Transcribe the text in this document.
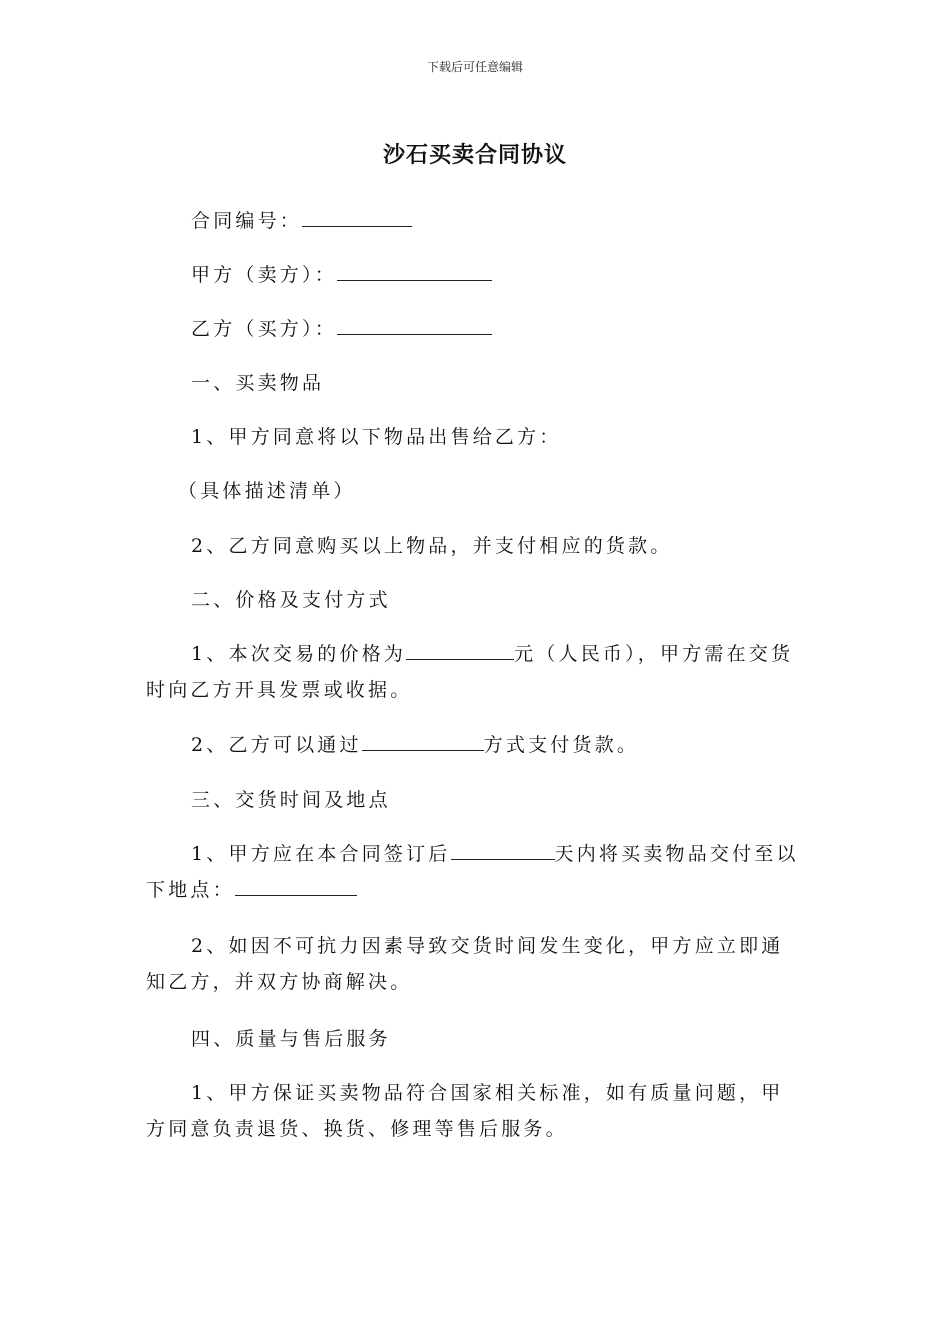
下载后可任意编辑
沙石买卖合同协议
合同编号：
甲方（卖方）：
乙方（买方）：
一、买卖物品
1、甲方同意将以下物品出售给乙方：
（具体描述清单）
2、乙方同意购买以上物品，并支付相应的货款。
二、价格及支付方式
1、本次交易的价格为	元（人民币），甲方需在交货时向乙方开具发票或收据。
2、乙方可以通过	方式支付货款。
三、交货时间及地点
1、甲方应在本合同签订后	天内将买卖物品交付至以下地点：
2、如因不可抗力因素导致交货时间发生变化，甲方应立即通知乙方，并双方协商解决。
四、质量与售后服务
1、甲方保证买卖物品符合国家相关标准，如有质量问题，甲方同意负责退货、换货、修理等售后服务。
